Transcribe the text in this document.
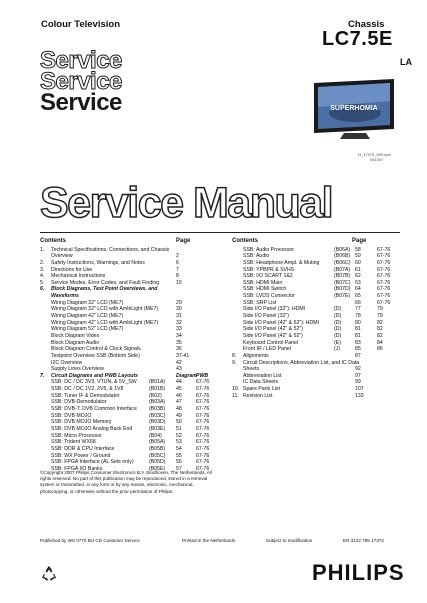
Colour Television	Chassis
LC7.5E
LA
Service
Service
Service	SUPERHOMIA
H_17370_000.eps
041007
Service Manual
Contents	Page
1. Technical Specifications, Connections, and Chassis
Overview	2
2. Safety Instructions, Warnings, and Notes	6
3. Directions for Use	7
4. Mechanical Instructions	8
5. Service Modes, Error Codes, and Fault Finding	15
6. Block Diagrams, Test Point Overviews, and
Waveforms
Wiring Diagram 32" LCD (ME7)	29
Wiring Diagram 32" LCD with AmbiLight (ME7)	30
Wiring Diagram 42" LCD (ME7)	31
Wiring Diagram 42" LCD with AmbiLight (ME7)	32
Wiring Diagram 52" LCD (ME7)	33
Block Diagram Video	34
Block Diagram Audio	35
Block Diagram Control & Clock Signals	36
Testpoint Overview SSB (Bottom Side)	37-41
I2C Overview	42
Supply Lines Overview	43
7. Circuit Diagrams and PWB Layouts	Diagram PWB
SSB: DC / DC 3V3, VTUN, & 5V_SW (B01A) 44	67-76
SSB: DC / DC 1V2, 2V5, & 1V8	(B01B) 45	67-76
SSB: Tuner IF & Demodulator	(B02)	46	67-76
SSB: DVB-Demodulator	(B03A) 47	67-76
SSB: DVB-T: DVB Common Interface (B03B) 48	67-76
SSB: DVB MOJO	(B03C) 49	67-76
SSB: DVB MOJO Memory	(B03D) 50	67-76
SSB: DVB MOJO Analog Back End	(B03E) 51	67-76
SSB: Micro Processor	(B04)	52	67-76
SSB: Trident WX68	(B05A) 53	67-76
SSB: DDR & CPU Interface	(B05B) 54	67-76
SSB: WX Power / Ground	(B05C) 55	67-76
SSB: FPGA Interface (AL Sets only)	(B05D) 56	67-76
SSB: FPGA I/O Banks	(B05E) 57	67-76
Contents	Page
SSB: Audio Processor	(B06A) 58	67-76
SSB: Audio	(B06B) 59	67-76
SSB: Headphone Ampl. & Muting	(B06C) 60	67-76
SSB: YPBPR & SVHS	(B07A) 61	67-76
SSB: I/O SCART 1&2	(B07B) 62	67-76
SSB: HDMI Main	(B07C) 63	67-76
SSB: HDMI Switch	(B07D) 64	67-76
SSB: LVDS Connector	(B07E) 65	67-76
SSB: SRP List	66	67-76
Side I/O Panel (32"): HDMI	(D)	77	79
Side I/O Panel (32")	(D)	78	79
Side I/O Panel (42" & 52"): HDMI	(D)	80	82
Side I/O Panel (42" & 52")	(D)	81	82
Side I/O Panel (42" & 52")	(D)	81	82
Keyboard Control Panel	(E)	83	84
Front IR / LED Panel	(J)	85	86
8. Alignments	87
9. Circuit Descriptions, Abbreviation List, and IC Data
Sheets	92
Abbreviation List	97
IC Data Sheets	99
10. Spare Parts List	107
11. Revision List	133
©Copyright 2007 Philips Consumer Electronics B.V. Eindhoven, The Netherlands. All rights reserved. No part of this publication may be reproduced, stored in a retrieval system or transmitted, in any form or by any means, electronic, mechanical, photocopying, or otherwise without the prior permission of Philips.
Published by WS 0770 BU CD Customer Service	Printed in the Netherlands	Subject to modification	EN 3122 785 17372
PHILIPS
